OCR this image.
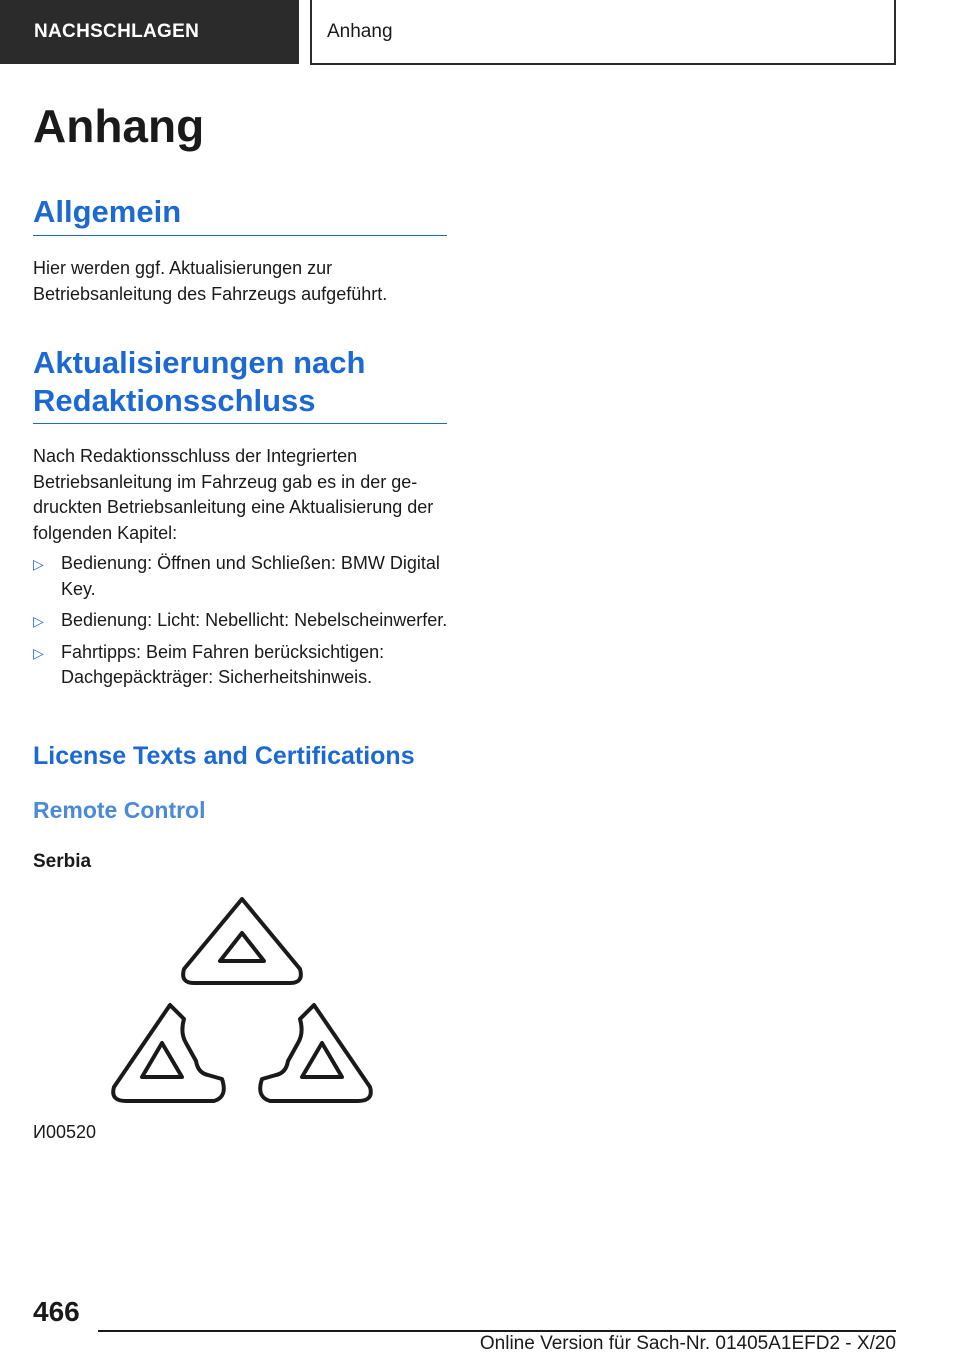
NACHSCHLAGEN	Anhang
Anhang
Allgemein

Hier werden ggf. Aktualisierungen zur Betriebsanleitung des Fahrzeugs aufgeführt.

Aktualisierungen nach
Redaktionsschluss

Nach Redaktionsschluss der Integrierten Betriebsanleitung im Fahrzeug gab es in der gedruckten Betriebsanleitung eine Aktualisierung der folgenden Kapitel:

▷ Bedienung: Öffnen und Schließen: BMW Digital Key.
▷ Bedienung: Licht: Nebellicht: Nebelscheinwerfer.
▷ Fahrtipps: Beim Fahren berücksichtigen: Dachgepäckträger: Sicherheitshinweis.
License Texts and Certifications
Remote Control
Serbia
И00520
466
Online Version für Sach-Nr. 01405A1EFD2 - X/20
